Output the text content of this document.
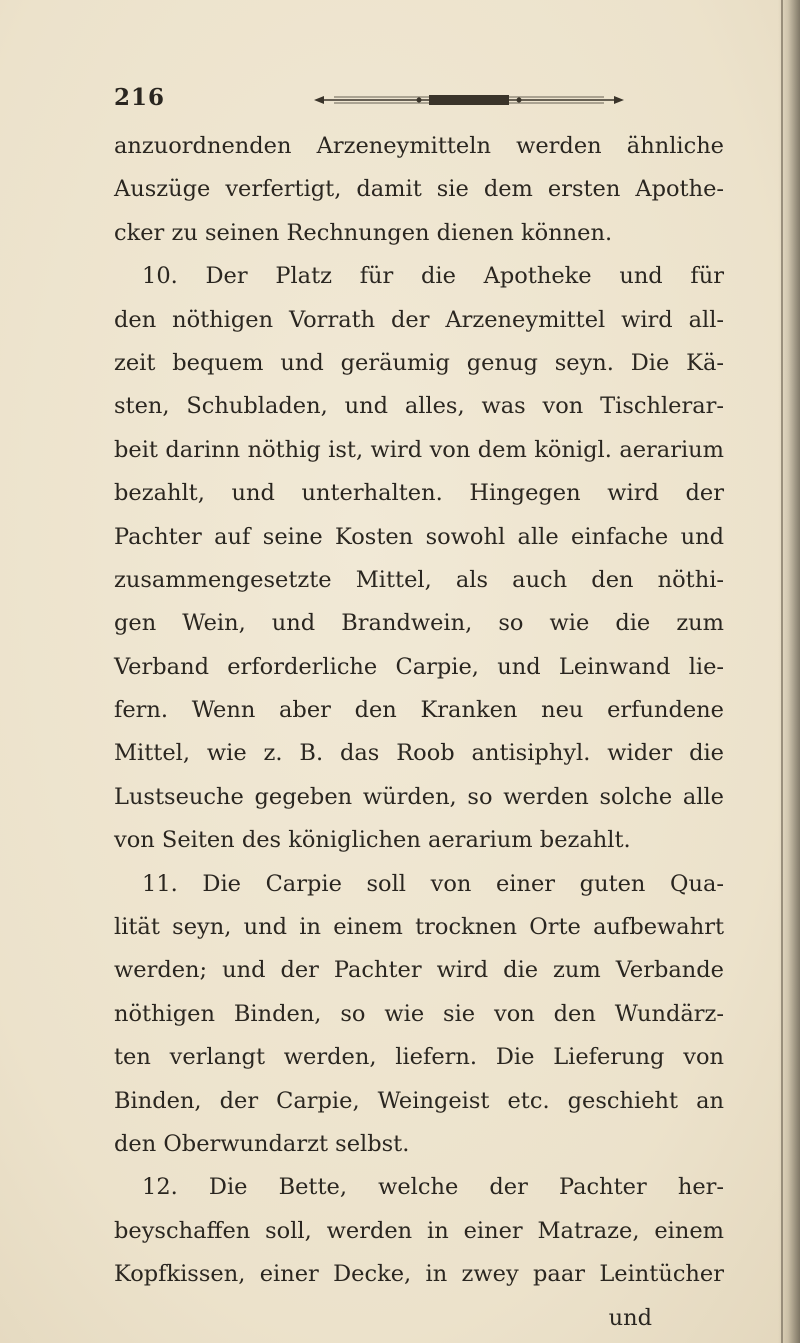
216
anzuordnenden Arzeneymitteln werden ähnliche
Auszüge verfertigt, damit sie dem ersten Apothe-
cker zu seinen Rechnungen dienen können.
10. Der Platz für die Apotheke und für
den nöthigen Vorrath der Arzeneymittel wird all-
zeit bequem und geräumig genug seyn. Die Kä-
sten, Schubladen, und alles, was von Tischlerar-
beit darinn nöthig ist, wird von dem königl. aerarium
bezahlt, und unterhalten. Hingegen wird der
Pachter auf seine Kosten sowohl alle einfache und
zusammengesetzte Mittel, als auch den nöthi-
gen Wein, und Brandwein, so wie die zum
Verband erforderliche Carpie, und Leinwand lie-
fern. Wenn aber den Kranken neu erfundene
Mittel, wie z. B. das Roob antisiphyl. wider die
Lustseuche gegeben würden, so werden solche alle
von Seiten des königlichen aerarium bezahlt.
11. Die Carpie soll von einer guten Qua-
lität seyn, und in einem trocknen Orte aufbewahrt
werden; und der Pachter wird die zum Verbande
nöthigen Binden, so wie sie von den Wundärz-
ten verlangt werden, liefern. Die Lieferung von
Binden, der Carpie, Weingeist etc. geschieht an
den Oberwundarzt selbst.
12. Die Bette, welche der Pachter her-
beyschaffen soll, werden in einer Matraze, einem
Kopfkissen, einer Decke, in zwey paar Leintücher
und
